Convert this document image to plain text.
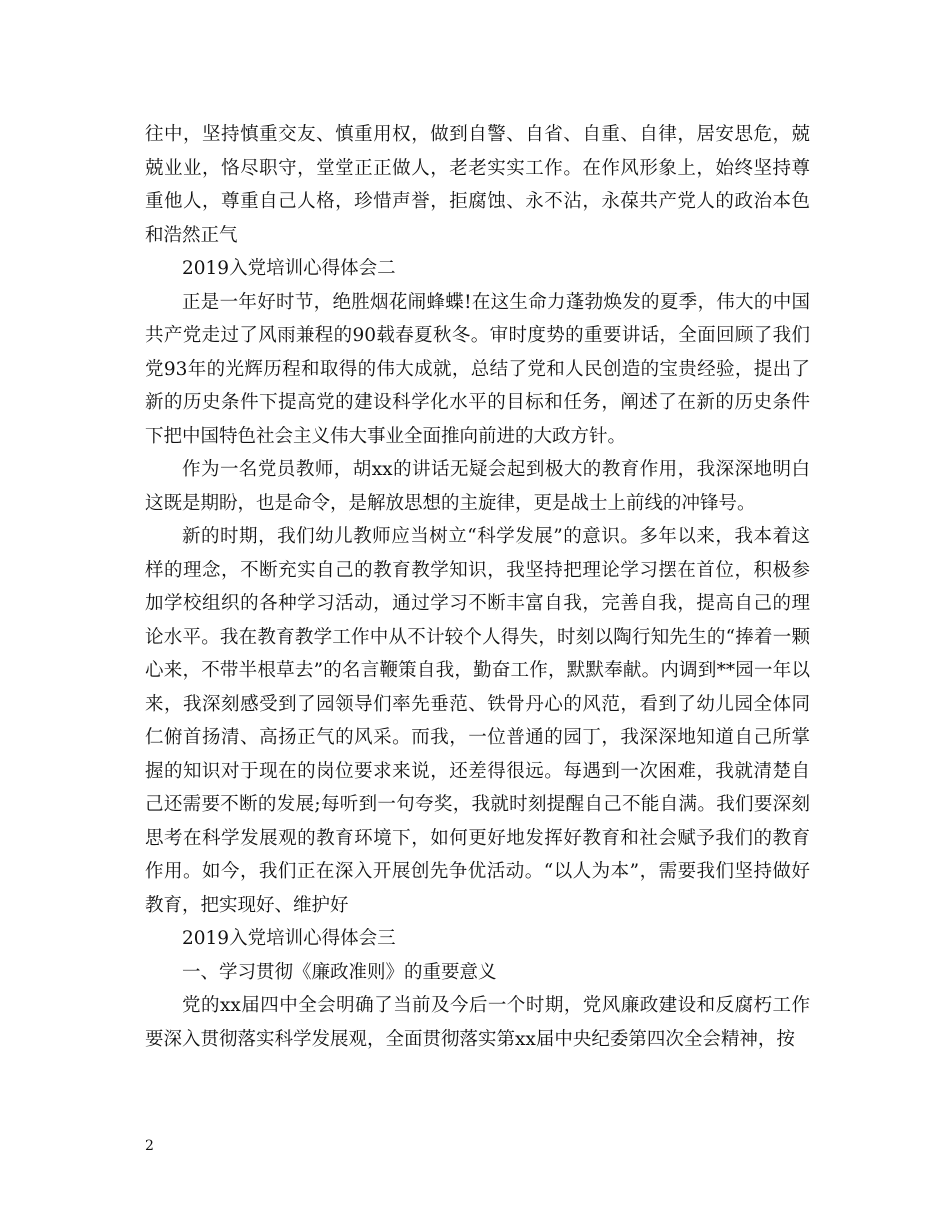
往中，坚持慎重交友、慎重用权，做到自警、自省、自重、自律，居安思危，兢兢业业，恪尽职守，堂堂正正做人，老老实实工作。在作风形象上，始终坚持尊重他人，尊重自己人格，珍惜声誉，拒腐蚀、永不沾，永葆共产党人的政治本色和浩然正气

2019入党培训心得体会二

正是一年好时节，绝胜烟花闹蜂蝶!在这生命力蓬勃焕发的夏季，伟大的中国共产党走过了风雨兼程的90载春夏秋冬。审时度势的重要讲话，全面回顾了我们党93年的光辉历程和取得的伟大成就，总结了党和人民创造的宝贵经验，提出了新的历史条件下提高党的建设科学化水平的目标和任务，阐述了在新的历史条件下把中国特色社会主义伟大事业全面推向前进的大政方针。

作为一名党员教师，胡xx的讲话无疑会起到极大的教育作用，我深深地明白这既是期盼，也是命令，是解放思想的主旋律，更是战士上前线的冲锋号。

新的时期，我们幼儿教师应当树立“科学发展”的意识。多年以来，我本着这样的理念，不断充实自己的教育教学知识，我坚持把理论学习摆在首位，积极参加学校组织的各种学习活动，通过学习不断丰富自我，完善自我，提高自己的理论水平。我在教育教学工作中从不计较个人得失，时刻以陶行知先生的“捧着一颗心来，不带半根草去”的名言鞭策自我，勤奋工作，默默奉献。内调到**园一年以来，我深刻感受到了园领导们率先垂范、铁骨丹心的风范，看到了幼儿园全体同仁俯首扬清、高扬正气的风采。而我，一位普通的园丁，我深深地知道自己所掌握的知识对于现在的岗位要求来说，还差得很远。每遇到一次困难，我就清楚自己还需要不断的发展;每听到一句夸奖，我就时刻提醒自己不能自满。我们要深刻思考在科学发展观的教育环境下，如何更好地发挥好教育和社会赋予我们的教育作用。如今，我们正在深入开展创先争优活动。“以人为本”，需要我们坚持做好教育，把实现好、维护好

2019入党培训心得体会三

一、学习贯彻《廉政准则》的重要意义

党的xx届四中全会明确了当前及今后一个时期，党风廉政建设和反腐朽工作要深入贯彻落实科学发展观，全面贯彻落实第xx届中央纪委第四次全会精神，按

2
